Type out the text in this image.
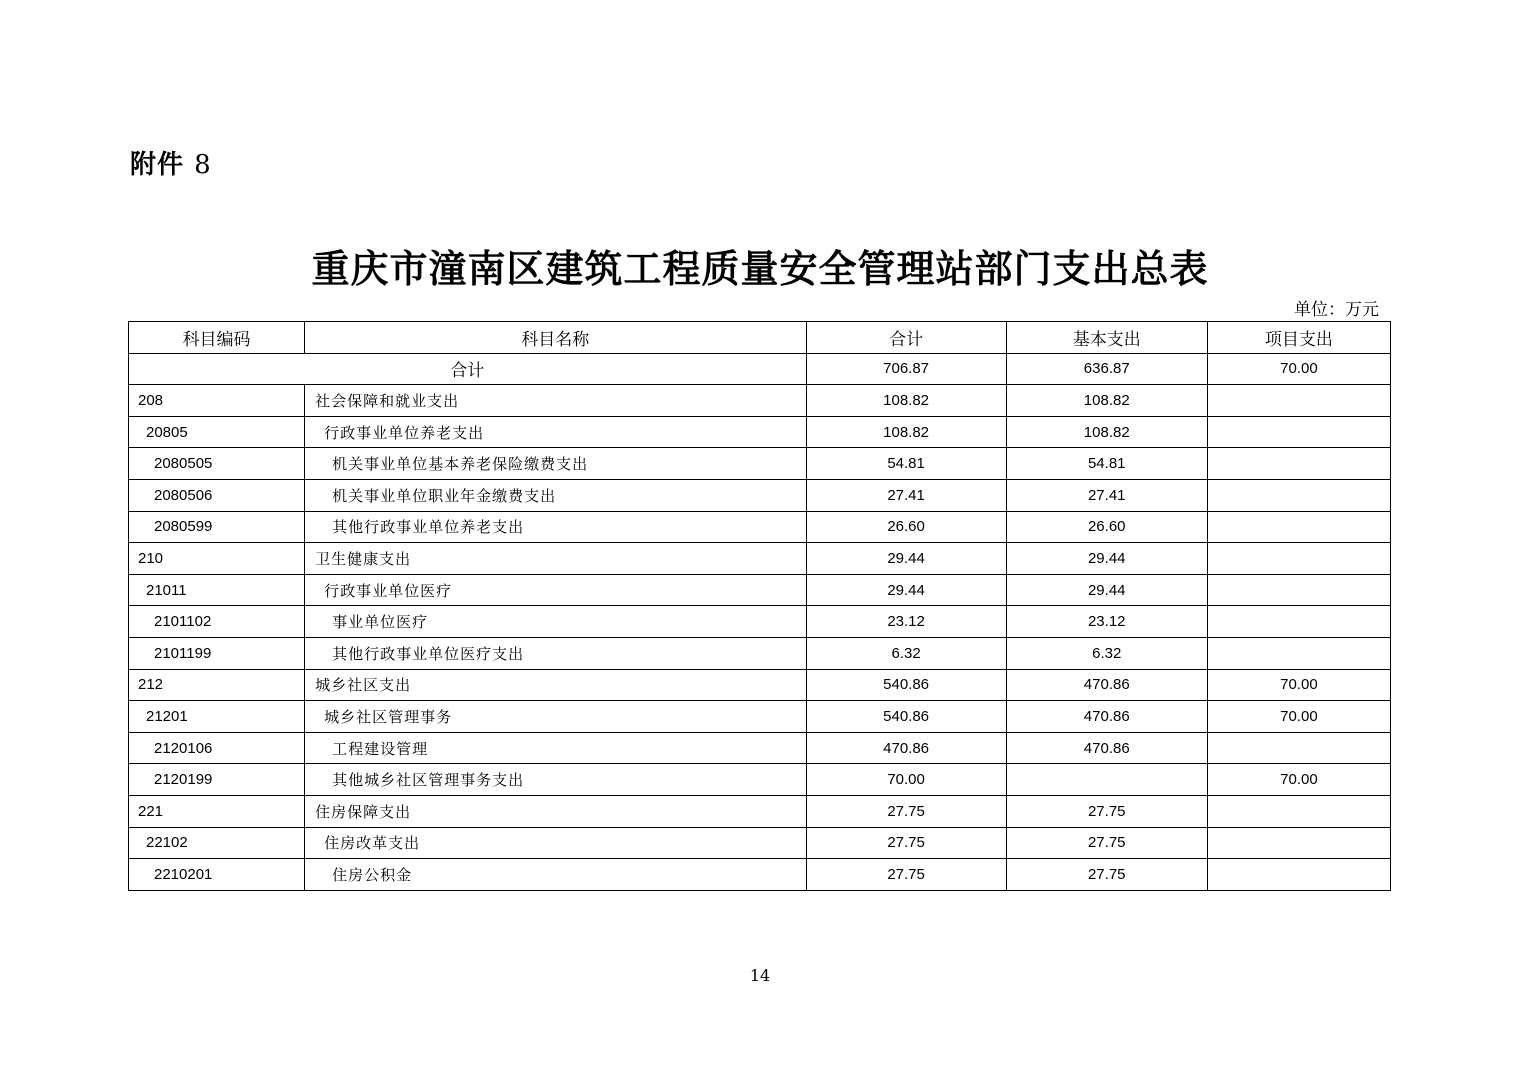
附件 8
重庆市潼南区建筑工程质量安全管理站部门支出总表
单位：万元
科目编码	科目名称	合计	基本支出	项目支出
合计		706.87	636.87	70.00
208	社会保障和就业支出	108.82	108.82	
20805	行政事业单位养老支出	108.82	108.82	
2080505	机关事业单位基本养老保险缴费支出	54.81	54.81	
2080506	机关事业单位职业年金缴费支出	27.41	27.41	
2080599	其他行政事业单位养老支出	26.60	26.60	
210	卫生健康支出	29.44	29.44	
21011	行政事业单位医疗	29.44	29.44	
2101102	事业单位医疗	23.12	23.12	
2101199	其他行政事业单位医疗支出	6.32	6.32	
212	城乡社区支出	540.86	470.86	70.00
21201	城乡社区管理事务	540.86	470.86	70.00
2120106	工程建设管理	470.86	470.86	
2120199	其他城乡社区管理事务支出	70.00		70.00
221	住房保障支出	27.75	27.75	
22102	住房改革支出	27.75	27.75	
2210201	住房公积金	27.75	27.75	
14
